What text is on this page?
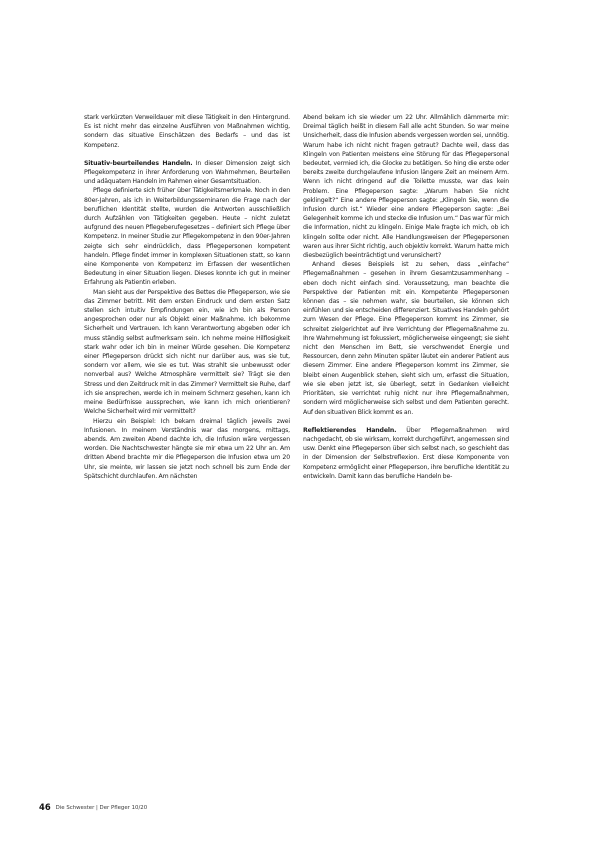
stark verkürzten Verweildauer mit diese Tätigkeit in den Hintergrund. Es ist nicht mehr das einzelne Ausführen von Maßnahmen wichtig, sondern das situative Einschätzen des Bedarfs – und das ist Kompetenz.

Situativ-beurteilendes Handeln. In dieser Dimension zeigt sich Pflegekompetenz in ihrer Anforderung von Wahrnehmen, Beurteilen und adäquatem Handeln im Rahmen einer Gesamtsituation.

Pflege definierte sich früher über Tätigkeitsmerkmale. Noch in den 80er-Jahren, als ich in Weiterbildungsseminaren die Frage nach der beruflichen Identität stellte, wurden die Antworten ausschließlich durch Aufzählen von Tätigkeiten gegeben. Heute – nicht zuletzt aufgrund des neuen Pflegeberufegesetzes – definiert sich Pflege über Kompetenz. In meiner Studie zur Pflegekompetenz in den 90er-Jahren zeigte sich sehr eindrücklich, dass Pflegepersonen kompetent handeln. Pflege findet immer in komplexen Situationen statt, so kann eine Komponente von Kompetenz im Erfassen der wesentlichen Bedeutung in einer Situation liegen. Dieses konnte ich gut in meiner Erfahrung als Patientin erleben.

Man sieht aus der Perspektive des Bettes die Pflegeperson, wie sie das Zimmer betritt. Mit dem ersten Eindruck und dem ersten Satz stellen sich intuitiv Empfindungen ein, wie ich bin als Person angesprochen oder nur als Objekt einer Maßnahme. Ich bekomme Sicherheit und Vertrauen. Ich kann Verantwortung abgeben oder ich muss ständig selbst aufmerksam sein. Ich nehme meine Hilflosigkeit stark wahr oder ich bin in meiner Würde gesehen. Die Kompetenz einer Pflegeperson drückt sich nicht nur darüber aus, was sie tut, sondern vor allem, wie sie es tut. Was strahlt sie unbewusst oder nonverbal aus? Welche Atmosphäre vermittelt sie? Trägt sie den Stress und den Zeitdruck mit in das Zimmer? Vermittelt sie Ruhe, darf ich sie ansprechen, werde ich in meinem Schmerz gesehen, kann ich meine Bedürfnisse aussprechen, wie kann ich mich orientieren? Welche Sicherheit wird mir vermittelt?

Hierzu ein Beispiel: Ich bekam dreimal täglich jeweils zwei Infusionen. In meinem Verständnis war das morgens, mittags, abends. Am zweiten Abend dachte ich, die Infusion wäre vergessen worden. Die Nachtschwester hängte sie mir etwa um 22 Uhr an. Am dritten Abend brachte mir die Pflegeperson die Infusion etwa um 20 Uhr, sie meinte, wir lassen sie jetzt noch schnell bis zum Ende der Spätschicht durchlaufen. Am nächsten

Abend bekam ich sie wieder um 22 Uhr. Allmählich dämmerte mir: Dreimal täglich heißt in diesem Fall alle acht Stunden. So war meine Unsicherheit, dass die Infusion abends vergessen worden sei, unnötig. Warum habe ich nicht nicht fragen getraut? Dachte weil, dass das Klingeln von Patienten meistens eine Störung für das Pflegepersonal bedeutet, vermied ich, die Glocke zu betätigen. So hing die erste oder bereits zweite durchgelaufene Infusion längere Zeit an meinem Arm. Wenn ich nicht dringend auf die Toilette musste, war das kein Problem. Eine Pflegeperson sagte: „Warum haben Sie nicht geklingelt?“ Eine andere Pflegeperson sagte: „Klingeln Sie, wenn die Infusion durch ist.“ Wieder eine andere Pflegeperson sagte: „Bei Gelegenheit komme ich und stecke die Infusion um.“ Das war für mich die Information, nicht zu klingeln. Einige Male fragte ich mich, ob ich klingeln sollte oder nicht. Alle Handlungsweisen der Pflegepersonen waren aus ihrer Sicht richtig, auch objektiv korrekt. Warum hatte mich diesbezüglich beeinträchtigt und verunsichert?

Anhand dieses Beispiels ist zu sehen, dass „einfache“ Pflegemaßnahmen – gesehen in ihrem Gesamtzusammenhang – eben doch nicht einfach sind. Voraussetzung, man beachte die Perspektive der Patienten mit ein. Kompetente Pflegepersonen können das – sie nehmen wahr, sie beurteilen, sie können sich einfühlen und sie entscheiden differenziert. Situatives Handeln gehört zum Wesen der Pflege. Eine Pflegeperson kommt ins Zimmer, sie schreitet zielgerichtet auf ihre Verrichtung der Pflegemaßnahme zu. Ihre Wahrnehmung ist fokussiert, möglicherweise eingeengt; sie sieht nicht den Menschen im Bett, sie verschwendet Energie und Ressourcen, denn zehn Minuten später läutet ein anderer Patient aus diesem Zimmer. Eine andere Pflegeperson kommt ins Zimmer, sie bleibt einen Augenblick stehen, sieht sich um, erfasst die Situation, wie sie eben jetzt ist, sie überlegt, setzt in Gedanken vielleicht Prioritäten, sie verrichtet ruhig nicht nur ihre Pflegemaßnahmen, sondern wird möglicherweise sich selbst und dem Patienten gerecht. Auf den situativen Blick kommt es an.

Reflektierendes Handeln. Über Pflegemaßnahmen wird nachgedacht, ob sie wirksam, korrekt durchgeführt, angemessen sind usw. Denkt eine Pflegeperson über sich selbst nach, so geschieht das in der Dimension der Selbstreflexion. Erst diese Komponente von Kompetenz ermöglicht einer Pflegeperson, ihre berufliche Identität zu entwickeln. Damit kann das berufliche Handeln be-

46 Die Schwester | Der Pfleger 10/20
